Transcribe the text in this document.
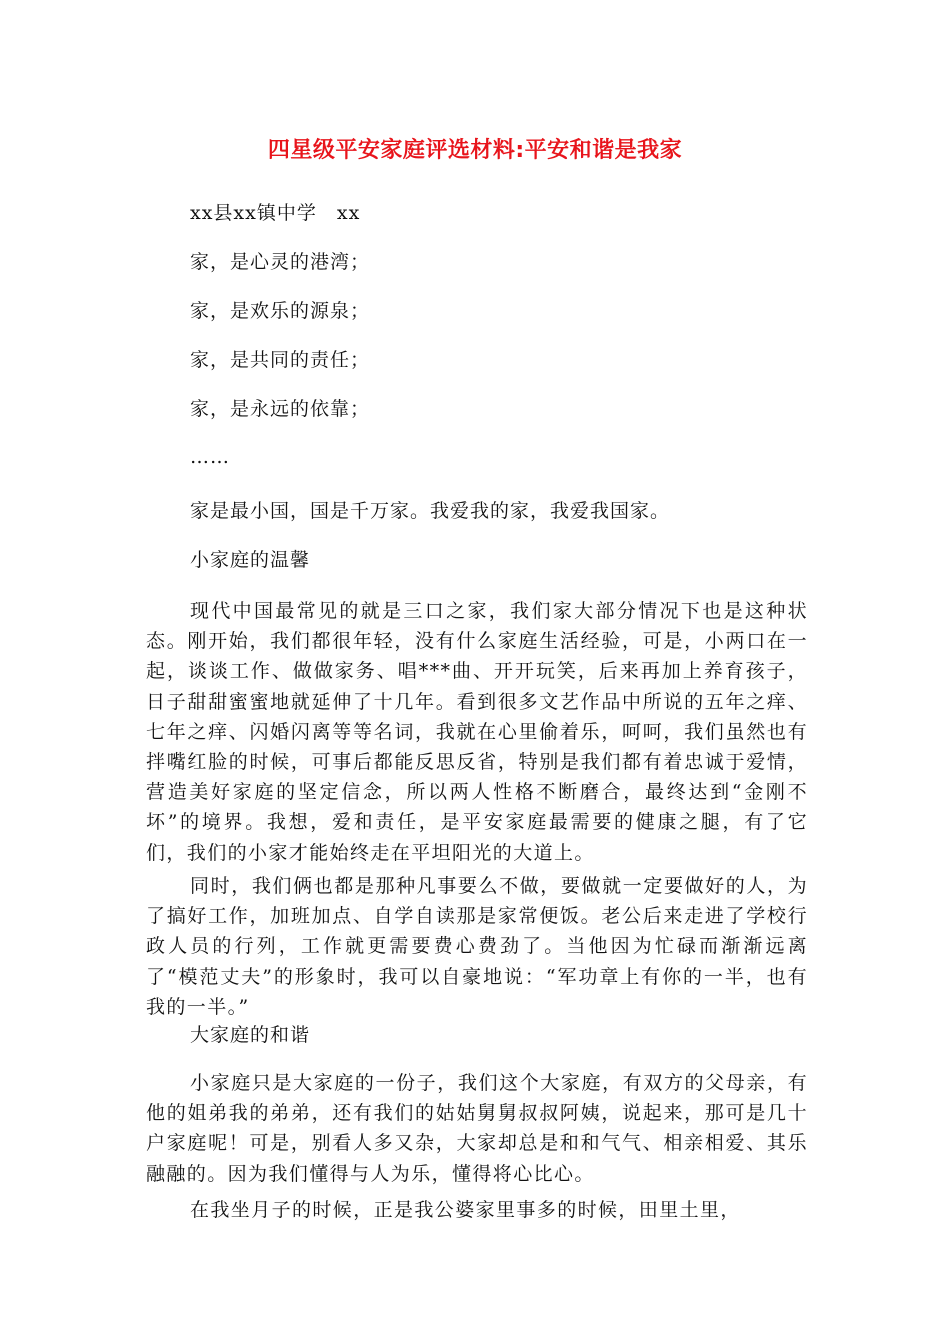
四星级平安家庭评选材料:平安和谐是我家
xx县xx镇中学　xx
家，是心灵的港湾；
家，是欢乐的源泉；
家，是共同的责任；
家，是永远的依靠；
……
家是最小国，国是千万家。我爱我的家，我爱我国家。
小家庭的温馨
现代中国最常见的就是三口之家，我们家大部分情况下也是这种状态。刚开始，我们都很年轻，没有什么家庭生活经验，可是，小两口在一起，谈谈工作、做做家务、唱***曲、开开玩笑，后来再加上养育孩子，日子甜甜蜜蜜地就延伸了十几年。看到很多文艺作品中所说的五年之痒、七年之痒、闪婚闪离等等名词，我就在心里偷着乐，呵呵，我们虽然也有拌嘴红脸的时候，可事后都能反思反省，特别是我们都有着忠诚于爱情，营造美好家庭的坚定信念，所以两人性格不断磨合，最终达到“金刚不坏”的境界。我想，爱和责任，是平安家庭最需要的健康之腿，有了它们，我们的小家才能始终走在平坦阳光的大道上。
同时，我们俩也都是那种凡事要么不做，要做就一定要做好的人，为了搞好工作，加班加点、自学自读那是家常便饭。老公后来走进了学校行政人员的行列，工作就更需要费心费劲了。当他因为忙碌而渐渐远离了“模范丈夫”的形象时，我可以自豪地说：“军功章上有你的一半，也有我的一半。”
大家庭的和谐
小家庭只是大家庭的一份子，我们这个大家庭，有双方的父母亲，有他的姐弟我的弟弟，还有我们的姑姑舅舅叔叔阿姨，说起来，那可是几十户家庭呢！可是，别看人多又杂，大家却总是和和气气、相亲相爱、其乐融融的。因为我们懂得与人为乐，懂得将心比心。
在我坐月子的时候，正是我公婆家里事多的时候，田里土里，
